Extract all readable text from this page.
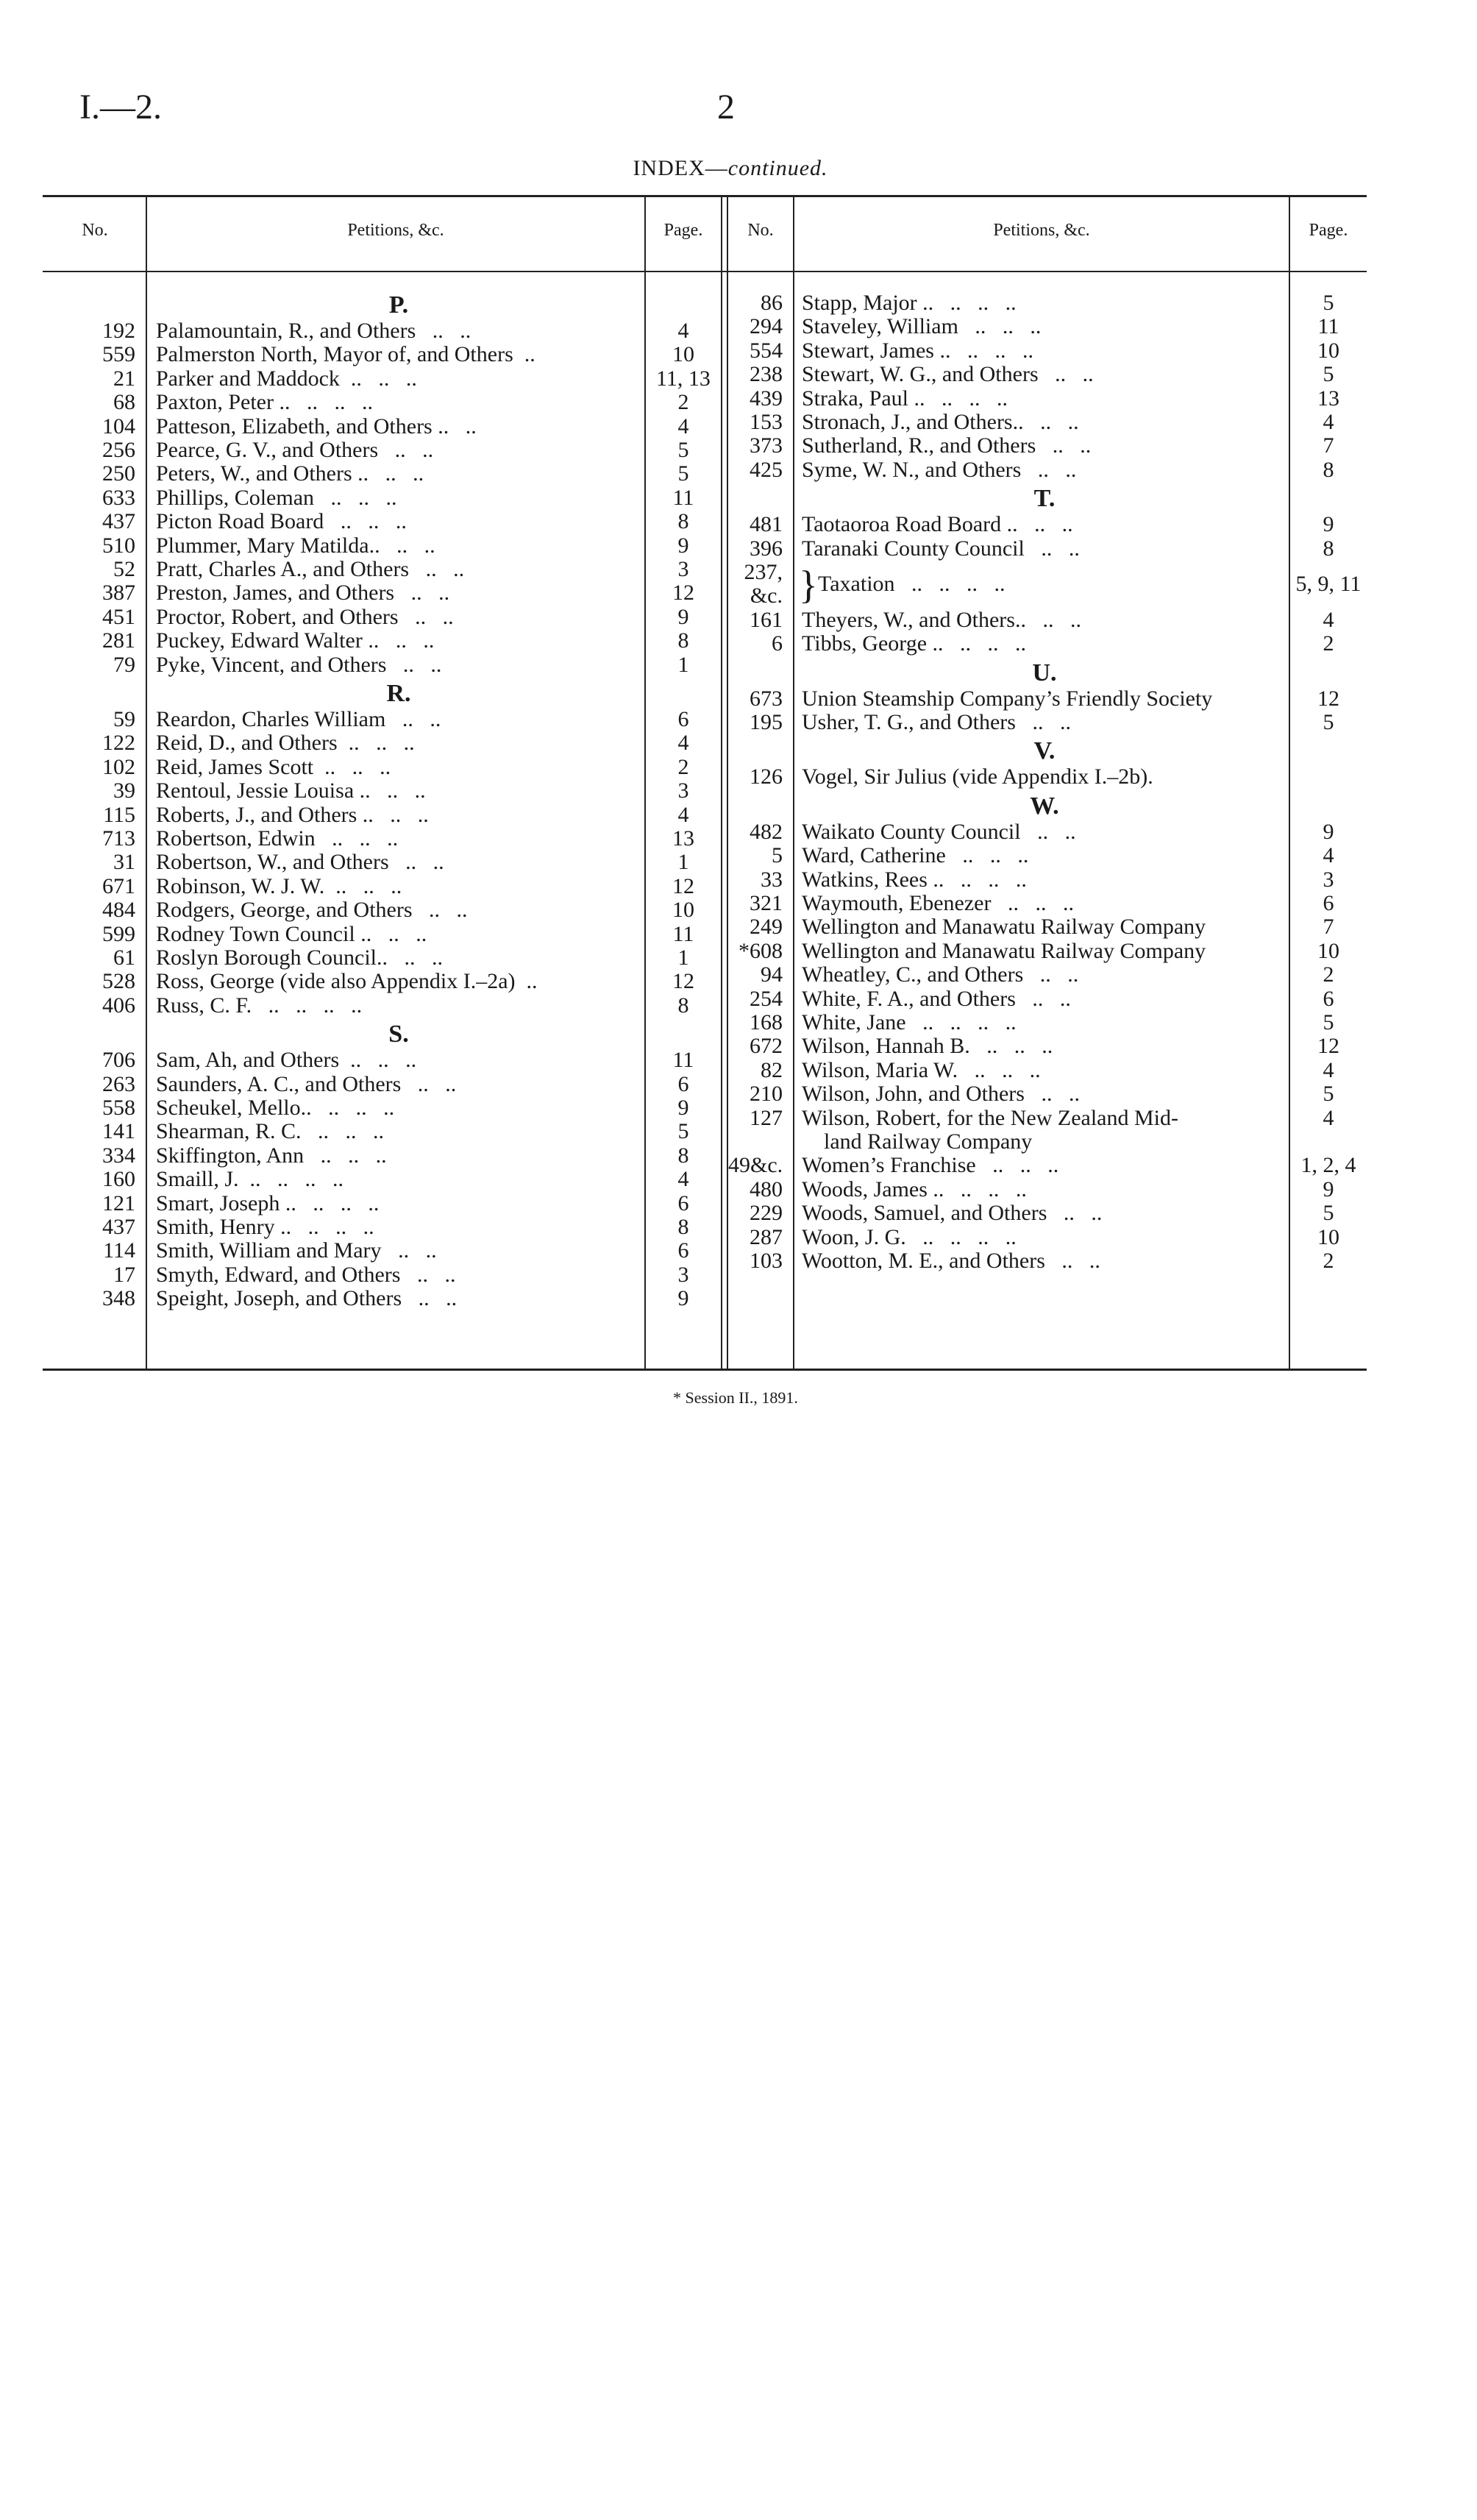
I.—2.	2
INDEX—continued.
No.	Petitions, &c.	Page.	No.	Petitions, &c.	Page.
P.
192 Palamountain, R., and Others   ..   ..	4
559 Palmerston North, Mayor of, and Others  ..	10
21 Parker and Maddock  ..   ..   ..	11, 13
68 Paxton, Peter ..   ..   ..   ..	2
104 Patteson, Elizabeth, and Others ..   ..	4
256 Pearce, G. V., and Others   ..   ..	5
250 Peters, W., and Others ..   ..   ..	5
633 Phillips, Coleman   ..   ..   ..	11
437 Picton Road Board   ..   ..   ..	8
510 Plummer, Mary Matilda..   ..   ..	9
52 Pratt, Charles A., and Others   ..   ..	3
387 Preston, James, and Others   ..   ..	12
451 Proctor, Robert, and Others   ..   ..	9
281 Puckey, Edward Walter ..   ..   ..	8
79 Pyke, Vincent, and Others   ..   ..	1
R.
59 Reardon, Charles William   ..   ..	6
122 Reid, D., and Others  ..   ..   ..	4
102 Reid, James Scott  ..   ..   ..	2
39 Rentoul, Jessie Louisa ..   ..   ..	3
115 Roberts, J., and Others ..   ..   ..	4
713 Robertson, Edwin   ..   ..   ..	13
31 Robertson, W., and Others   ..   ..	1
671 Robinson, W. J. W.  ..   ..   ..	12
484 Rodgers, George, and Others   ..   ..	10
599 Rodney Town Council ..   ..   ..	11
61 Roslyn Borough Council..   ..   ..	1
528 Ross, George (vide also Appendix I.–2a)  ..	12
406 Russ, C. F.   ..   ..   ..   ..	8
S.
706 Sam, Ah, and Others  ..   ..   ..	11
263 Saunders, A. C., and Others   ..   ..	6
558 Scheukel, Mello..   ..   ..   ..	9
141 Shearman, R. C.   ..   ..   ..	5
334 Skiffington, Ann   ..   ..   ..	8
160 Smaill, J.  ..   ..   ..   ..	4
121 Smart, Joseph ..   ..   ..   ..	6
437 Smith, Henry ..   ..   ..   ..	8
114 Smith, William and Mary   ..   ..	6
17 Smyth, Edward, and Others   ..   ..	3
348 Speight, Joseph, and Others   ..   ..	9
86 Stapp, Major ..   ..   ..   ..	5
294 Staveley, William   ..   ..   ..	11
554 Stewart, James ..   ..   ..   ..	10
238 Stewart, W. G., and Others   ..   ..	5
439 Straka, Paul ..   ..   ..   ..	13
153 Stronach, J., and Others..   ..   ..	4
373 Sutherland, R., and Others   ..   ..	7
425 Syme, W. N., and Others   ..   ..	8
T.
481 Taotaoroa Road Board ..   ..   ..	9
396 Taranaki County Council   ..   ..	8
237,
&c. } Taxation   ..   ..   ..   ..	5, 9, 11
161 Theyers, W., and Others..   ..   ..	4
6 Tibbs, George ..   ..   ..   ..	2
U.
673 Union Steamship Company’s Friendly Society	12
195 Usher, T. G., and Others   ..   ..	5
V.
126 Vogel, Sir Julius (vide Appendix I.–2b).
W.
482 Waikato County Council   ..   ..	9
5 Ward, Catherine   ..   ..   ..	4
33 Watkins, Rees ..   ..   ..   ..	3
321 Waymouth, Ebenezer   ..   ..   ..	6
249 Wellington and Manawatu Railway Company	7
*608 Wellington and Manawatu Railway Company	10
94 Wheatley, C., and Others   ..   ..	2
254 White, F. A., and Others   ..   ..	6
168 White, Jane   ..   ..   ..   ..	5
672 Wilson, Hannah B.   ..   ..   ..	12
82 Wilson, Maria W.   ..   ..   ..	4
210 Wilson, John, and Others   ..   ..	5
127 Wilson, Robert, for the New Zealand Mid-	4
land Railway Company
49&c. Women’s Franchise   ..   ..   ..	1, 2, 4
480 Woods, James ..   ..   ..   ..	9
229 Woods, Samuel, and Others   ..   ..	5
287 Woon, J. G.   ..   ..   ..   ..	10
103 Wootton, M. E., and Others   ..   ..	2
* Session II., 1891.
